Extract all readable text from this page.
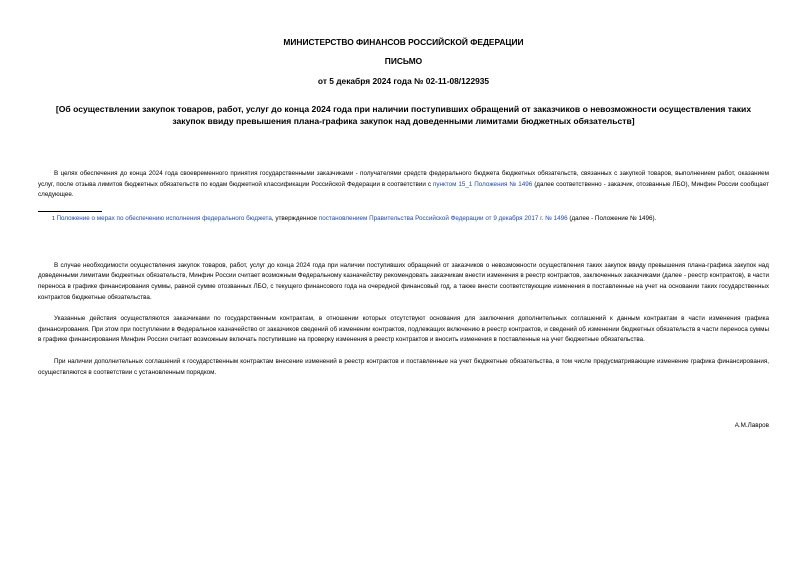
МИНИСТЕРСТВО ФИНАНСОВ РОССИЙСКОЙ ФЕДЕРАЦИИ
ПИСЬМО
от 5 декабря 2024 года № 02-11-08/122935
[Об осуществлении закупок товаров, работ, услуг до конца 2024 года при наличии поступивших обращений от заказчиков о невозможности осуществления таких закупок ввиду превышения плана-графика закупок над доведенными лимитами бюджетных обязательств]

В целях обеспечения до конца 2024 года своевременного принятия государственными заказчиками - получателями средств федерального бюджета бюджетных обязательств, связанных с закупкой товаров, выполнением работ, оказанием услуг, после отзыва лимитов бюджетных обязательств по кодам бюджетной классификации Российской Федерации в соответствии с пунктом 15_1 Положения № 1496 (далее соответственно - заказчик, отозванные ЛБО), Минфин России сообщает следующее.

1 Положение о мерах по обеспечению исполнения федерального бюджета, утвержденное постановлением Правительства Российской Федерации от 9 декабря 2017 г. № 1496 (далее - Положение № 1496).

В случае необходимости осуществления закупок товаров, работ, услуг до конца 2024 года при наличии поступивших обращений от заказчиков о невозможности осуществления таких закупок ввиду превышения плана-графика закупок над доведенными лимитами бюджетных обязательств, Минфин России считает возможным Федеральному казначейству рекомендовать заказчикам внести изменения в реестр контрактов, заключенных заказчиками (далее - реестр контрактов), в части переноса в графике финансирования суммы, равной сумме отозванных ЛБО, с текущего финансового года на очередной финансовый год, а также внести соответствующие изменения в поставленные на учет на основании таких государственных контрактов бюджетные обязательства.

Указанные действия осуществляются заказчиками по государственным контрактам, в отношении которых отсутствуют основания для заключения дополнительных соглашений к данным контрактам в части изменения графика финансирования. При этом при поступлении в Федеральное казначейство от заказчиков сведений об изменении контрактов, подлежащих включению в реестр контрактов, и сведений об изменении бюджетных обязательств в части переноса суммы в графике финансирования Минфин России считает возможным включать поступившие на проверку изменения в реестр контрактов и вносить изменения в поставленные на учет бюджетные обязательства.

При наличии дополнительных соглашений к государственным контрактам внесение изменений в реестр контрактов и поставленные на учет бюджетные обязательства, в том числе предусматривающие изменение графика финансирования, осуществляются в соответствии с установленным порядком.

А.М.Лавров
